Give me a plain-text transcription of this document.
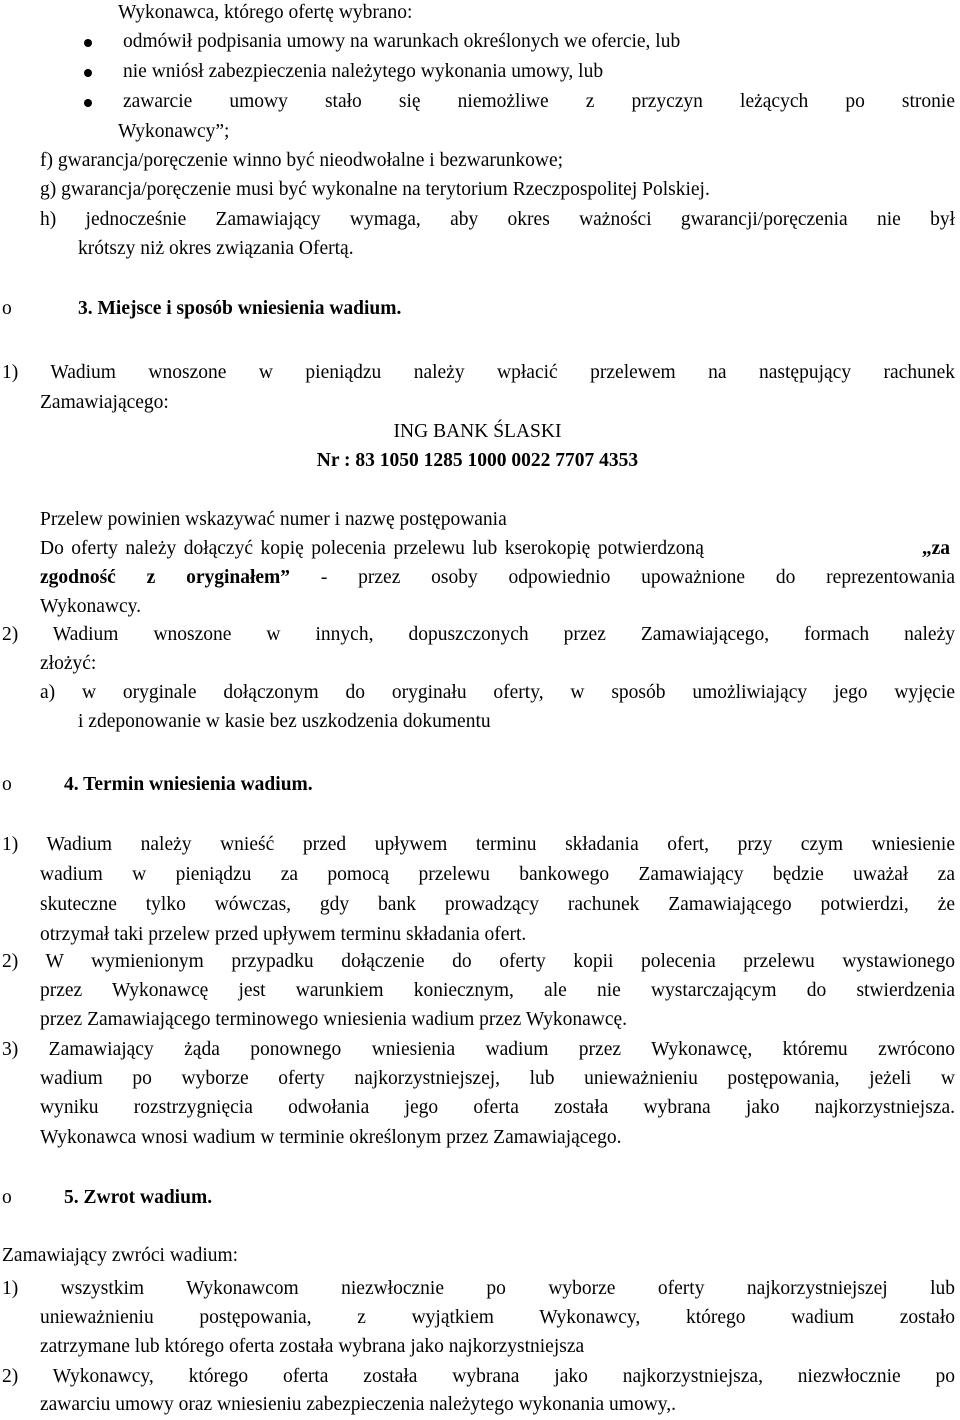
Wykonawca, którego ofertę wybrano:
odmówił podpisania umowy na warunkach określonych we ofercie, lub
nie wniósł zabezpieczenia należytego wykonania umowy, lub
zawarcie umowy stało się niemożliwe z przyczyn leżących po stronie
Wykonawcy”;
f) gwarancja/poręczenie winno być nieodwołalne i bezwarunkowe;
g) gwarancja/poręczenie musi być wykonalne na terytorium Rzeczpospolitej Polskiej.
h) jednocześnie Zamawiający wymaga, aby okres ważności gwarancji/poręczenia nie był
krótszy niż okres związania Ofertą.
o	3. Miejsce i sposób wniesienia wadium.
1) Wadium wnoszone w pieniądzu należy wpłacić przelewem na następujący rachunek
Zamawiającego:
ING BANK ŚLASKI
Nr : 83 1050 1285 1000 0022 7707 4353
Przelew powinien wskazywać numer i nazwę postępowania
Do oferty należy dołączyć kopię polecenia przelewu lub kserokopię potwierdzoną	„za
zgodność z oryginałem” - przez osoby odpowiednio upoważnione do reprezentowania
Wykonawcy.
2) Wadium wnoszone w innych, dopuszczonych przez Zamawiającego, formach należy
złożyć:
a) w oryginale dołączonym do oryginału oferty, w sposób umożliwiający jego wyjęcie
i zdeponowanie w kasie bez uszkodzenia dokumentu
o	4. Termin wniesienia wadium.
1) Wadium należy wnieść przed upływem terminu składania ofert, przy czym wniesienie
wadium w pieniądzu za pomocą przelewu bankowego Zamawiający będzie uważał za
skuteczne tylko wówczas, gdy bank prowadzący rachunek Zamawiającego potwierdzi, że
otrzymał taki przelew przed upływem terminu składania ofert.
2) W wymienionym przypadku dołączenie do oferty kopii polecenia przelewu wystawionego
przez Wykonawcę jest warunkiem koniecznym, ale nie wystarczającym do stwierdzenia
przez Zamawiającego terminowego wniesienia wadium przez Wykonawcę.
3) Zamawiający żąda ponownego wniesienia wadium przez Wykonawcę, któremu zwrócono
wadium po wyborze oferty najkorzystniejszej, lub unieważnieniu postępowania, jeżeli w
wyniku rozstrzygnięcia odwołania jego oferta została wybrana jako najkorzystniejsza.
Wykonawca wnosi wadium w terminie określonym przez Zamawiającego.
o	5. Zwrot wadium.
Zamawiający zwróci wadium:
1) wszystkim Wykonawcom niezwłocznie po wyborze oferty najkorzystniejszej lub
unieważnieniu postępowania, z wyjątkiem Wykonawcy, którego wadium zostało
zatrzymane lub którego oferta została wybrana jako najkorzystniejsza
2) Wykonawcy, którego oferta została wybrana jako najkorzystniejsza, niezwłocznie po
zawarciu umowy oraz wniesieniu zabezpieczenia należytego wykonania umowy,.
